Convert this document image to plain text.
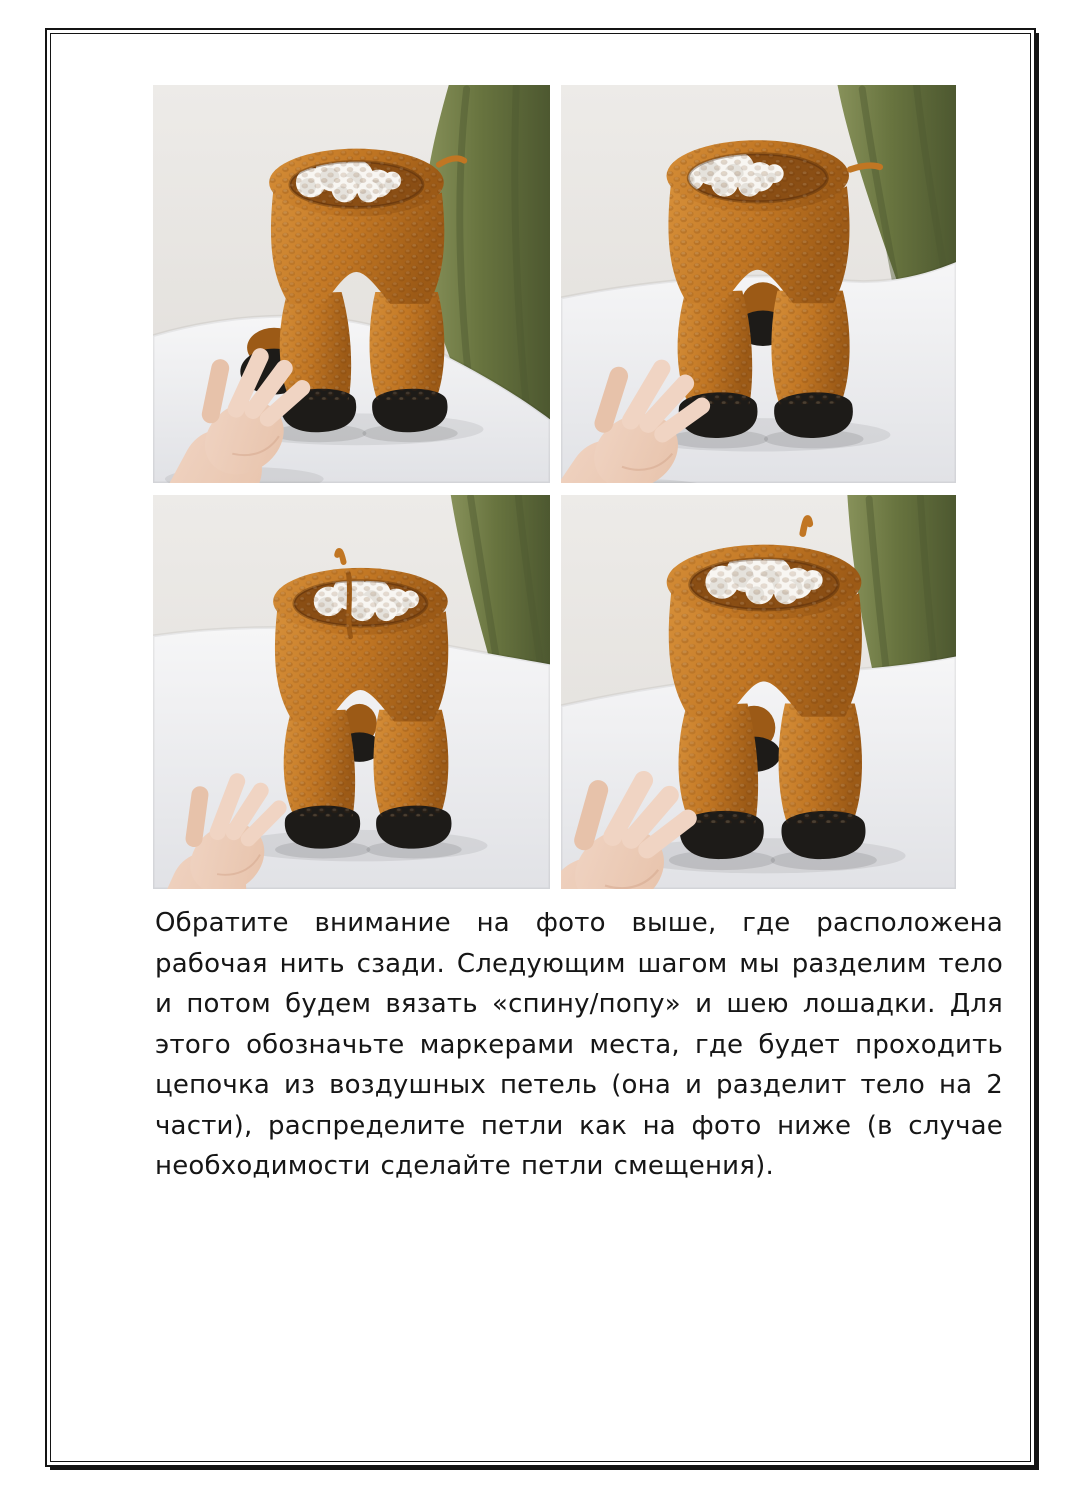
Обратите внимание на фото выше, где расположена рабочая нить сзади. Следующим шагом мы разделим тело и потом будем вязать «спину/попу» и шею лошадки. Для этого обозначьте маркерами места, где будет проходить цепочка из воздушных петель (она и разделит тело на 2 части), распределите петли как на фото ниже (в случае необходимости сделайте петли смещения).
